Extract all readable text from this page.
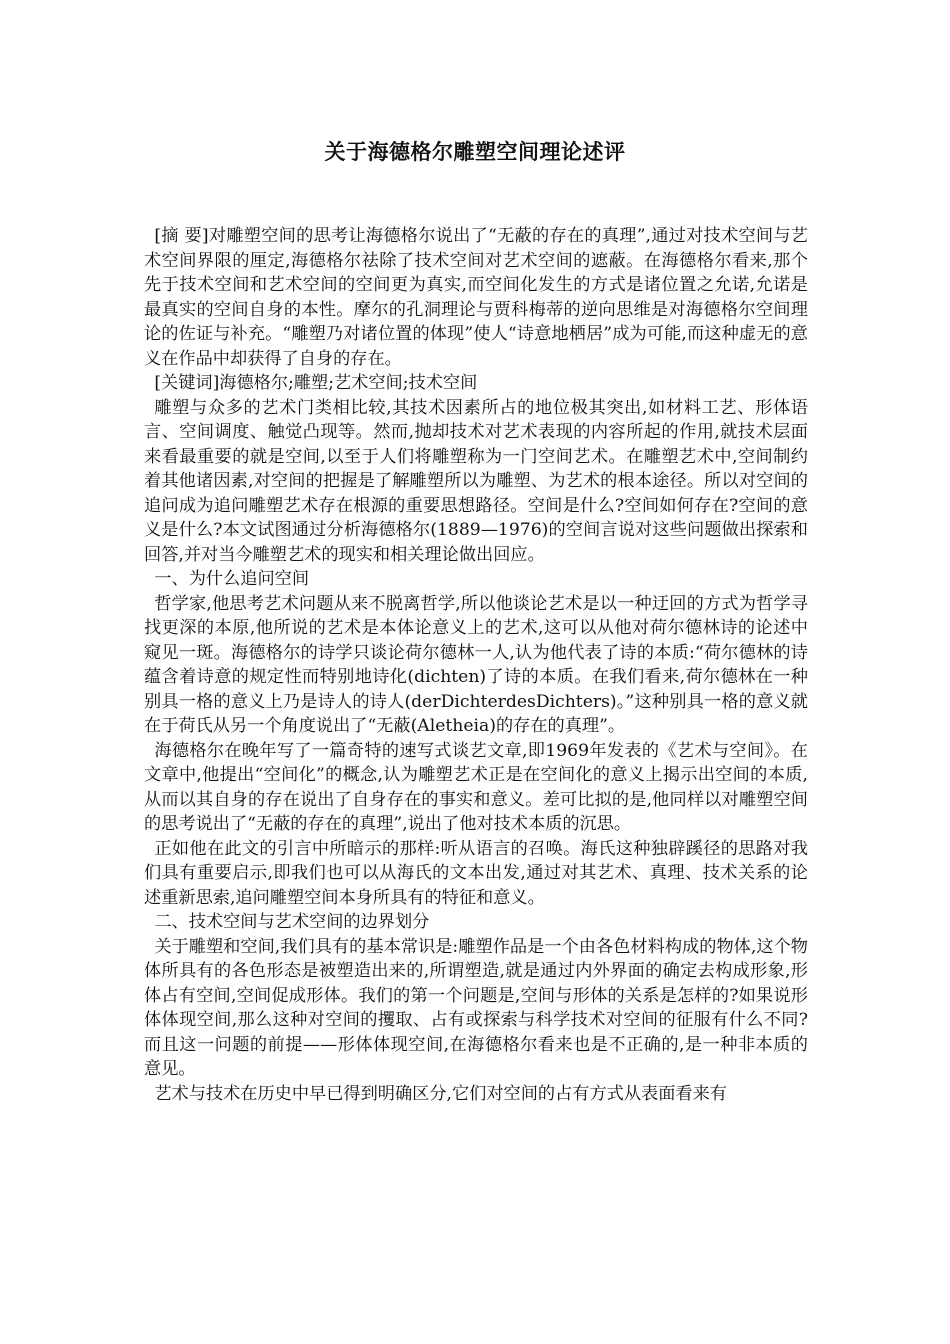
关于海德格尔雕塑空间理论述评

[摘 要]对雕塑空间的思考让海德格尔说出了“无蔽的存在的真理”,通过对技术空间与艺术空间界限的厘定,海德格尔祛除了技术空间对艺术空间的遮蔽。在海德格尔看来,那个先于技术空间和艺术空间的空间更为真实,而空间化发生的方式是诸位置之允诺,允诺是最真实的空间自身的本性。摩尔的孔洞理论与贾科梅蒂的逆向思维是对海德格尔空间理论的佐证与补充。“雕塑乃对诸位置的体现”使人“诗意地栖居”成为可能,而这种虚无的意义在作品中却获得了自身的存在。

[关键词]海德格尔;雕塑;艺术空间;技术空间

雕塑与众多的艺术门类相比较,其技术因素所占的地位极其突出,如材料工艺、形体语言、空间调度、触觉凸现等。然而,抛却技术对艺术表现的内容所起的作用,就技术层面来看最重要的就是空间,以至于人们将雕塑称为一门空间艺术。在雕塑艺术中,空间制约着其他诸因素,对空间的把握是了解雕塑所以为雕塑、为艺术的根本途径。所以对空间的追问成为追问雕塑艺术存在根源的重要思想路径。空间是什么?空间如何存在?空间的意义是什么?本文试图通过分析海德格尔(1889—1976)的空间言说对这些问题做出探索和回答,并对当今雕塑艺术的现实和相关理论做出回应。

一、为什么追问空间

哲学家,他思考艺术问题从来不脱离哲学,所以他谈论艺术是以一种迂回的方式为哲学寻找更深的本原,他所说的艺术是本体论意义上的艺术,这可以从他对荷尔德林诗的论述中窥见一斑。海德格尔的诗学只谈论荷尔德林一人,认为他代表了诗的本质:“荷尔德林的诗蕴含着诗意的规定性而特别地诗化(dichten)了诗的本质。在我们看来,荷尔德林在一种别具一格的意义上乃是诗人的诗人(derDichterdesDichters)。”这种别具一格的意义就在于荷氏从另一个角度说出了“无蔽(Aletheia)的存在的真理”。

海德格尔在晚年写了一篇奇特的速写式谈艺文章,即1969年发表的《艺术与空间》。在文章中,他提出“空间化”的概念,认为雕塑艺术正是在空间化的意义上揭示出空间的本质,从而以其自身的存在说出了自身存在的事实和意义。差可比拟的是,他同样以对雕塑空间的思考说出了“无蔽的存在的真理”,说出了他对技术本质的沉思。

正如他在此文的引言中所暗示的那样:听从语言的召唤。海氏这种独辟蹊径的思路对我们具有重要启示,即我们也可以从海氏的文本出发,通过对其艺术、真理、技术关系的论述重新思索,追问雕塑空间本身所具有的特征和意义。

二、技术空间与艺术空间的边界划分

关于雕塑和空间,我们具有的基本常识是:雕塑作品是一个由各色材料构成的物体,这个物体所具有的各色形态是被塑造出来的,所谓塑造,就是通过内外界面的确定去构成形象,形体占有空间,空间促成形体。我们的第一个问题是,空间与形体的关系是怎样的?如果说形体体现空间,那么这种对空间的攫取、占有或探索与科学技术对空间的征服有什么不同?而且这一问题的前提——形体体现空间,在海德格尔看来也是不正确的,是一种非本质的意见。

艺术与技术在历史中早已得到明确区分,它们对空间的占有方式从表面看来有
